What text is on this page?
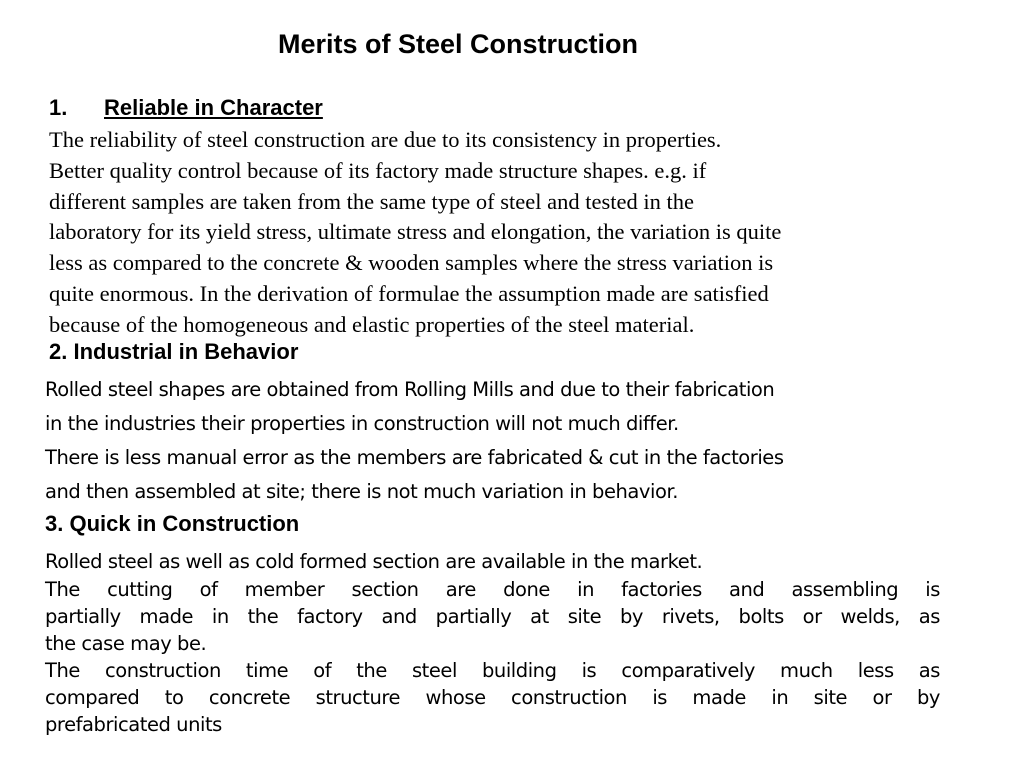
Merits of Steel Construction
1. Reliable in Character
The reliability of steel construction are due to its consistency in properties.
Better quality control because of its factory made structure shapes. e.g. if
different samples are taken from the same type of steel and tested in the
laboratory for its yield stress, ultimate stress and elongation, the variation is quite
less as compared to the concrete & wooden samples where the stress variation is
quite enormous. In the derivation of formulae the assumption made are satisfied
because of the homogeneous and elastic properties of the steel material.
2. Industrial in Behavior
Rolled steel shapes are obtained from Rolling Mills and due to their fabrication
in the industries their properties in construction will not much differ.
There is less manual error as the members are fabricated & cut in the factories
and then assembled at site; there is not much variation in behavior.
3. Quick in Construction
Rolled steel as well as cold formed section are available in the market.
The cutting of member section are done in factories and assembling is
partially made in the factory and partially at site by rivets, bolts or welds, as
the case may be.
The construction time of the steel building is comparatively much less as
compared to concrete structure whose construction is made in site or by
prefabricated units
